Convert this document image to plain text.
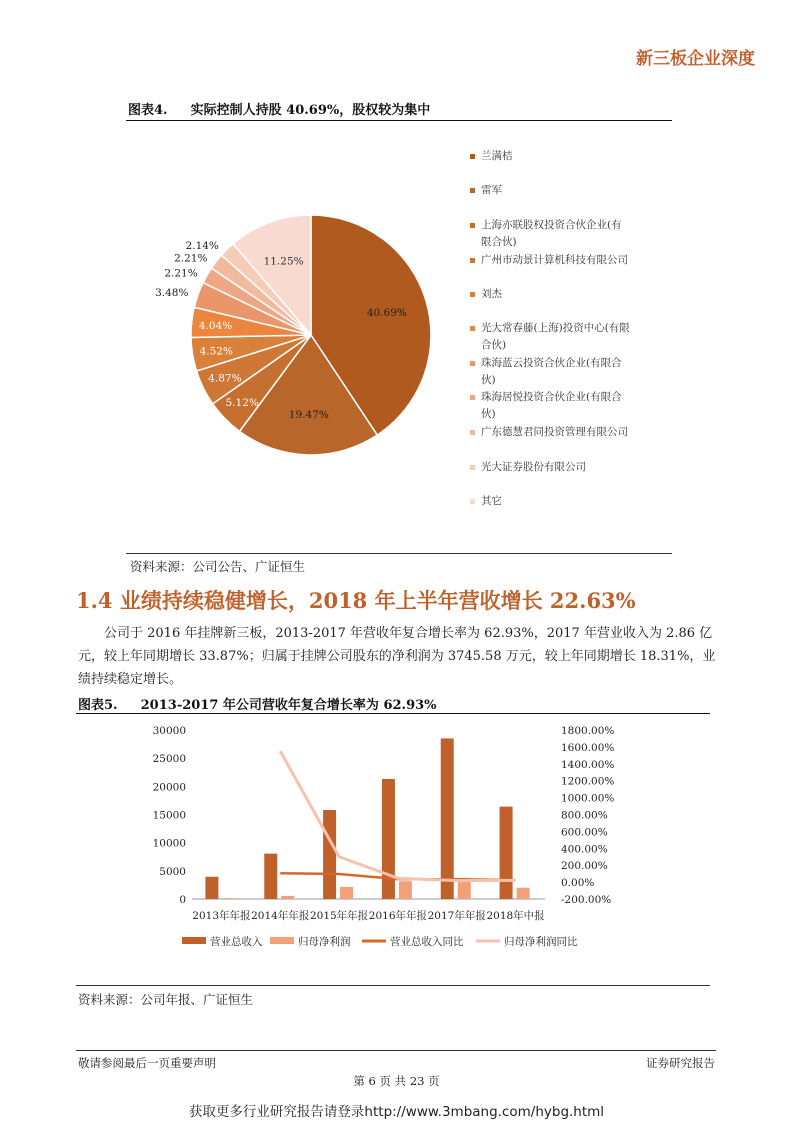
新三板企业深度
图表4. 实际控制人持股 40.69%，股权较为集中
40.69%
19.47%
5.12%
4.87%
4.52%
4.04%
3.48%
2.21%
2.21%
2.14%
11.25%
兰满桔
雷军
上海亦联股权投资合伙企业(有限合伙)
广州市动景计算机科技有限公司
刘杰
光大常春藤(上海)投资中心(有限合伙)
珠海蓝云投资合伙企业(有限合伙)
珠海居悦投资合伙企业(有限合伙)
广东德慧君同投资管理有限公司
光大证券股份有限公司
其它
资料来源：公司公告、广证恒生
1.4 业绩持续稳健增长，2018 年上半年营收增长 22.63%
公司于 2016 年挂牌新三板，2013-2017 年营收年复合增长率为 62.93%，2017 年营业收入为 2.86 亿元，较上年同期增长 33.87%；归属于挂牌公司股东的净利润为 3745.58 万元，较上年同期增长 18.31%，业绩持续稳定增长。
图表5. 2013-2017 年公司营收年复合增长率为 62.93%
0
5000
10000
15000
20000
25000
30000
-200.00%
0.00%
200.00%
400.00%
600.00%
800.00%
1000.00%
1200.00%
1400.00%
1600.00%
1800.00%
2013年年报 2014年年报 2015年年报 2016年年报 2017年年报 2018年中报
营业总收入	归母净利润	营业总收入同比	归母净利润同比
资料来源：公司年报、广证恒生
敬请参阅最后一页重要声明	证券研究报告
第 6 页 共 23 页
获取更多行业研究报告请登录http://www.3mbang.com/hybg.html
